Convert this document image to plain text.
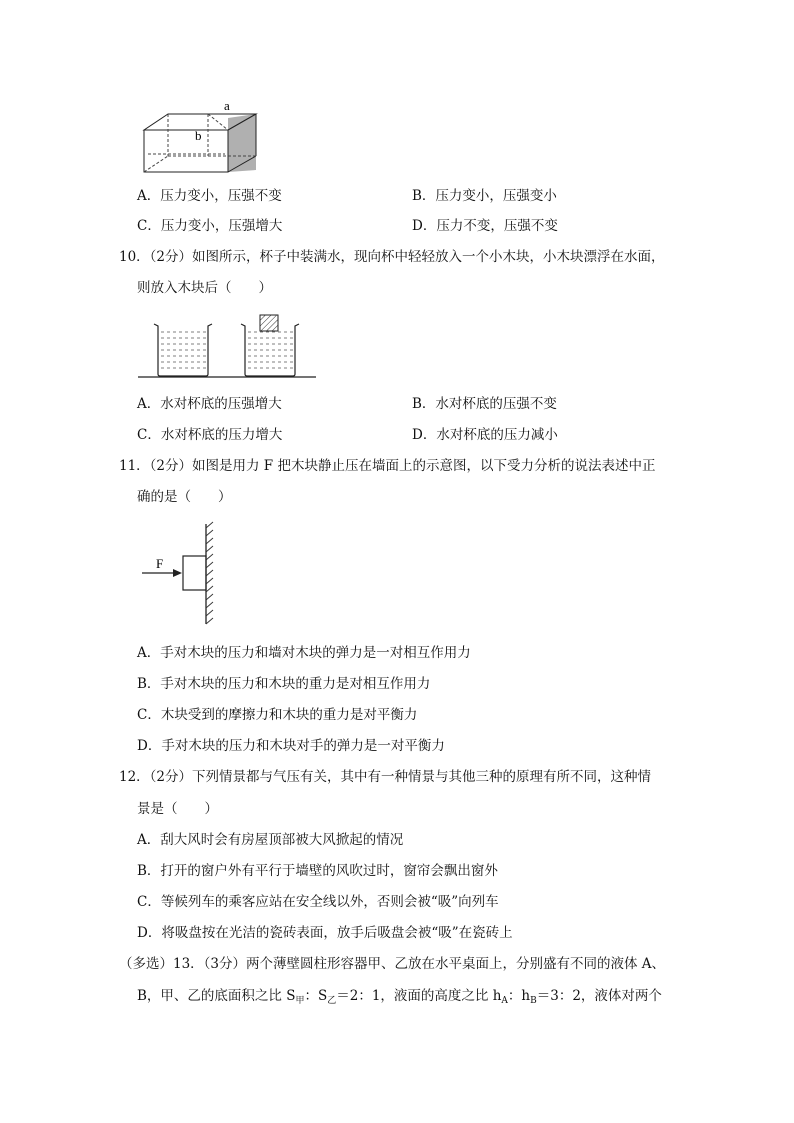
a
b
A．压力变小，压强不变	B．压力变小，压强变小
C．压力变小，压强增大	D．压力不变，压强不变
10．（2分）如图所示，杯子中装满水，现向杯中轻轻放入一个小木块，小木块漂浮在水面，
则放入木块后（　　）
A．水对杯底的压强增大	B．水对杯底的压强不变
C．水对杯底的压力增大	D．水对杯底的压力减小
11．（2分）如图是用力 F 把木块静止压在墙面上的示意图，以下受力分析的说法表述中正
确的是（　　）
F
A．手对木块的压力和墙对木块的弹力是一对相互作用力
B．手对木块的压力和木块的重力是对相互作用力
C．木块受到的摩擦力和木块的重力是对平衡力
D．手对木块的压力和木块对手的弹力是一对平衡力
12．（2分）下列情景都与气压有关，其中有一种情景与其他三种的原理有所不同，这种情
景是（　　）
A．刮大风时会有房屋顶部被大风掀起的情况
B．打开的窗户外有平行于墙壁的风吹过时，窗帘会飘出窗外
C．等候列车的乘客应站在安全线以外，否则会被“吸”向列车
D．将吸盘按在光洁的瓷砖表面，放手后吸盘会被“吸”在瓷砖上
（多选）13．（3分）两个薄壁圆柱形容器甲、乙放在水平桌面上，分别盛有不同的液体 A、
B，甲、乙的底面积之比 $S_甲$：$S_乙=2$：1，液面的高度之比 $h_A$：$h_B=3$：2，液体对两个
